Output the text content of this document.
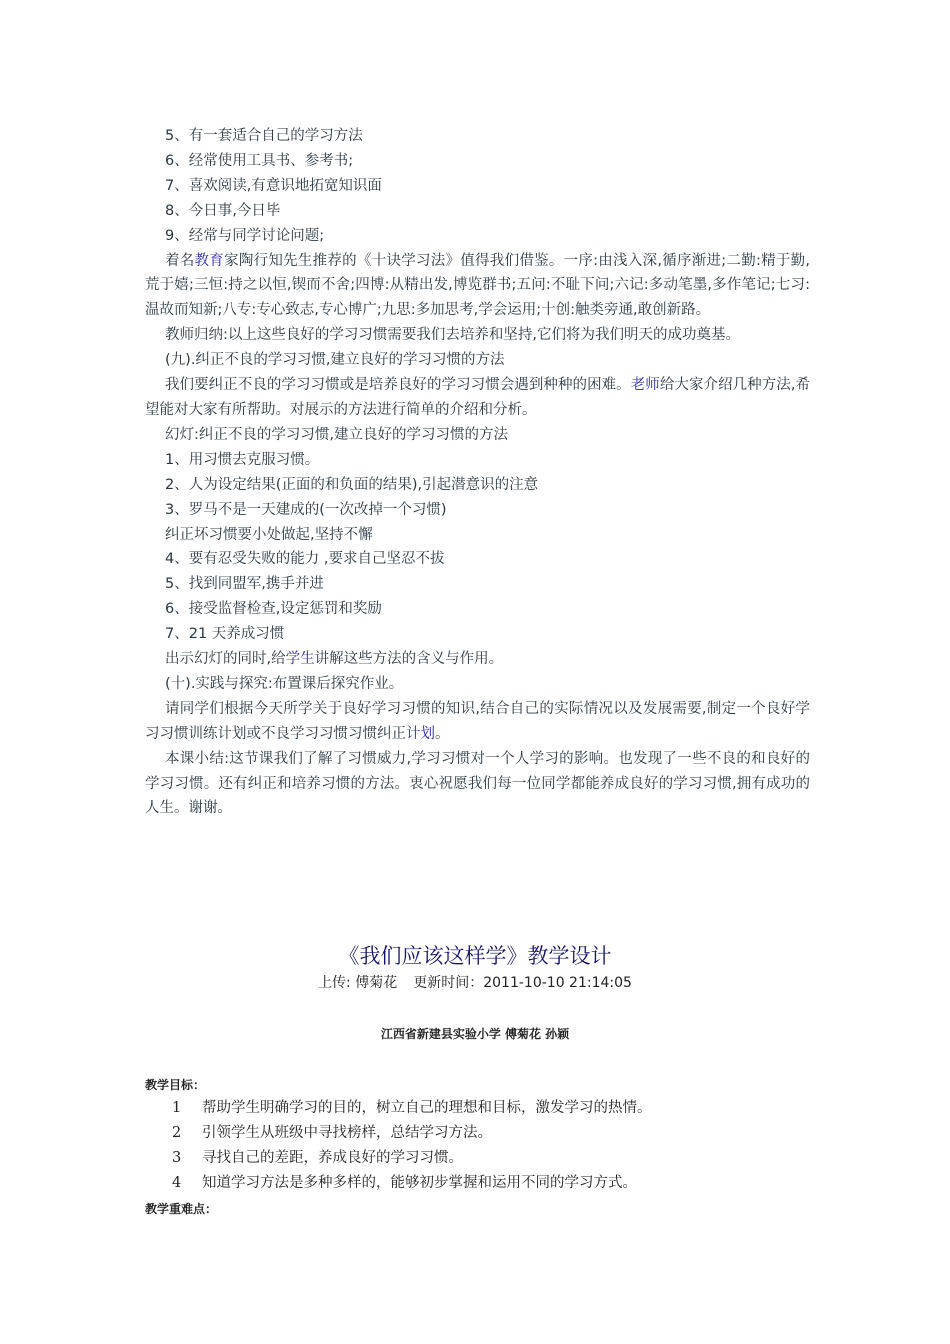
5、有一套适合自己的学习方法
6、经常使用工具书、参考书;
7、喜欢阅读,有意识地拓宽知识面
8、今日事,今日毕
9、经常与同学讨论问题;
着名教育家陶行知先生推荐的《十诀学习法》值得我们借鉴。一序:由浅入深,循序渐进;二勤:精于勤,荒于嬉;三恒:持之以恒,锲而不舍;四博:从精出发,博览群书;五问:不耻下问;六记:多动笔墨,多作笔记;七习:温故而知新;八专:专心致志,专心博广;九思:多加思考,学会运用;十创:触类旁通,敢创新路。
教师归纳:以上这些良好的学习习惯需要我们去培养和坚持,它们将为我们明天的成功奠基。
(九).纠正不良的学习习惯,建立良好的学习习惯的方法
我们要纠正不良的学习习惯或是培养良好的学习习惯会遇到种种的困难。老师给大家介绍几种方法,希望能对大家有所帮助。对展示的方法进行简单的介绍和分析。
幻灯:纠正不良的学习习惯,建立良好的学习习惯的方法
1、用习惯去克服习惯。
2、人为设定结果(正面的和负面的结果),引起潜意识的注意
3、罗马不是一天建成的(一次改掉一个习惯)
纠正坏习惯要小处做起,坚持不懈
4、要有忍受失败的能力 ,要求自己坚忍不拔
5、找到同盟军,携手并进
6、接受监督检查,设定惩罚和奖励
7、21 天养成习惯
出示幻灯的同时,给学生讲解这些方法的含义与作用。
(十).实践与探究:布置课后探究作业。
请同学们根据今天所学关于良好学习习惯的知识,结合自己的实际情况以及发展需要,制定一个良好学习习惯训练计划或不良学习习惯习惯纠正计划。
本课小结:这节课我们了解了习惯威力,学习习惯对一个人学习的影响。也发现了一些不良的和良好的学习习惯。还有纠正和培养习惯的方法。衷心祝愿我们每一位同学都能养成良好的学习习惯,拥有成功的人生。谢谢。
《我们应该这样学》教学设计
上传: 傅菊花 更新时间：2011-10-10 21:14:05
江西省新建县实验小学 傅菊花 孙颖
教学目标：
1 帮助学生明确学习的目的，树立自己的理想和目标，激发学习的热情。
2 引领学生从班级中寻找榜样，总结学习方法。
3 寻找自己的差距，养成良好的学习习惯。
4 知道学习方法是多种多样的，能够初步掌握和运用不同的学习方式。
教学重难点：
